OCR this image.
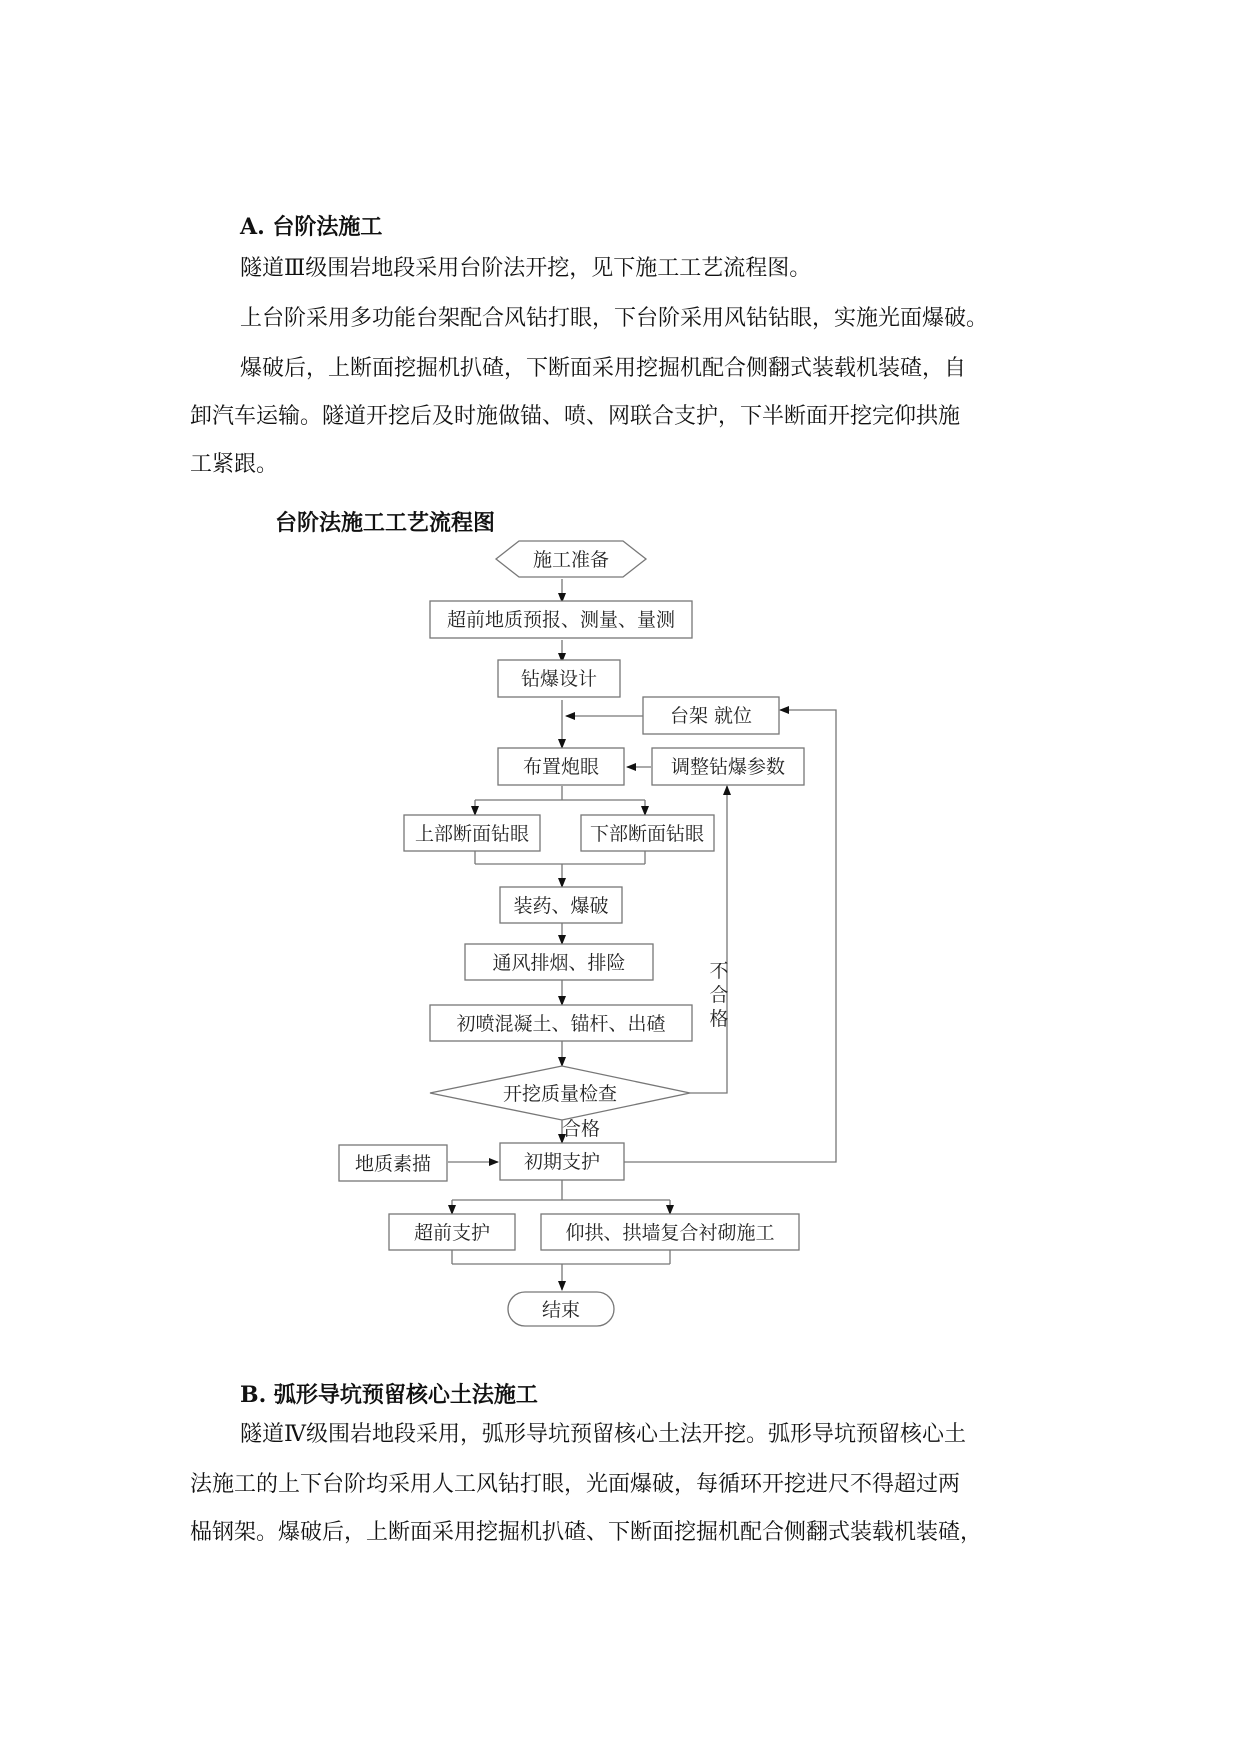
A. 台阶法施工
隧道Ⅲ级围岩地段采用台阶法开挖，见下施工工艺流程图。
上台阶采用多功能台架配合风钻打眼，下台阶采用风钻钻眼，实施光面爆破。
爆破后，上断面挖掘机扒碴，下断面采用挖掘机配合侧翻式装载机装碴，自
卸汽车运输。隧道开挖后及时施做锚、喷、网联合支护，下半断面开挖完仰拱施
工紧跟。
台阶法施工工艺流程图
施工准备
超前地质预报、测量、量测
钻爆设计
台架 就位
布置炮眼	调整钻爆参数
上部断面钻眼	下部断面钻眼
装药、爆破
通风排烟、排险
初喷混凝土、锚杆、出碴
开挖质量检查
不
合
格
合格
地质素描	初期支护
超前支护	仰拱、拱墙复合衬砌施工
结束
B. 弧形导坑预留核心土法施工
隧道Ⅳ级围岩地段采用，弧形导坑预留核心土法开挖。弧形导坑预留核心土
法施工的上下台阶均采用人工风钻打眼，光面爆破，每循环开挖进尺不得超过两
榀钢架。爆破后，上断面采用挖掘机扒碴、下断面挖掘机配合侧翻式装载机装碴，
